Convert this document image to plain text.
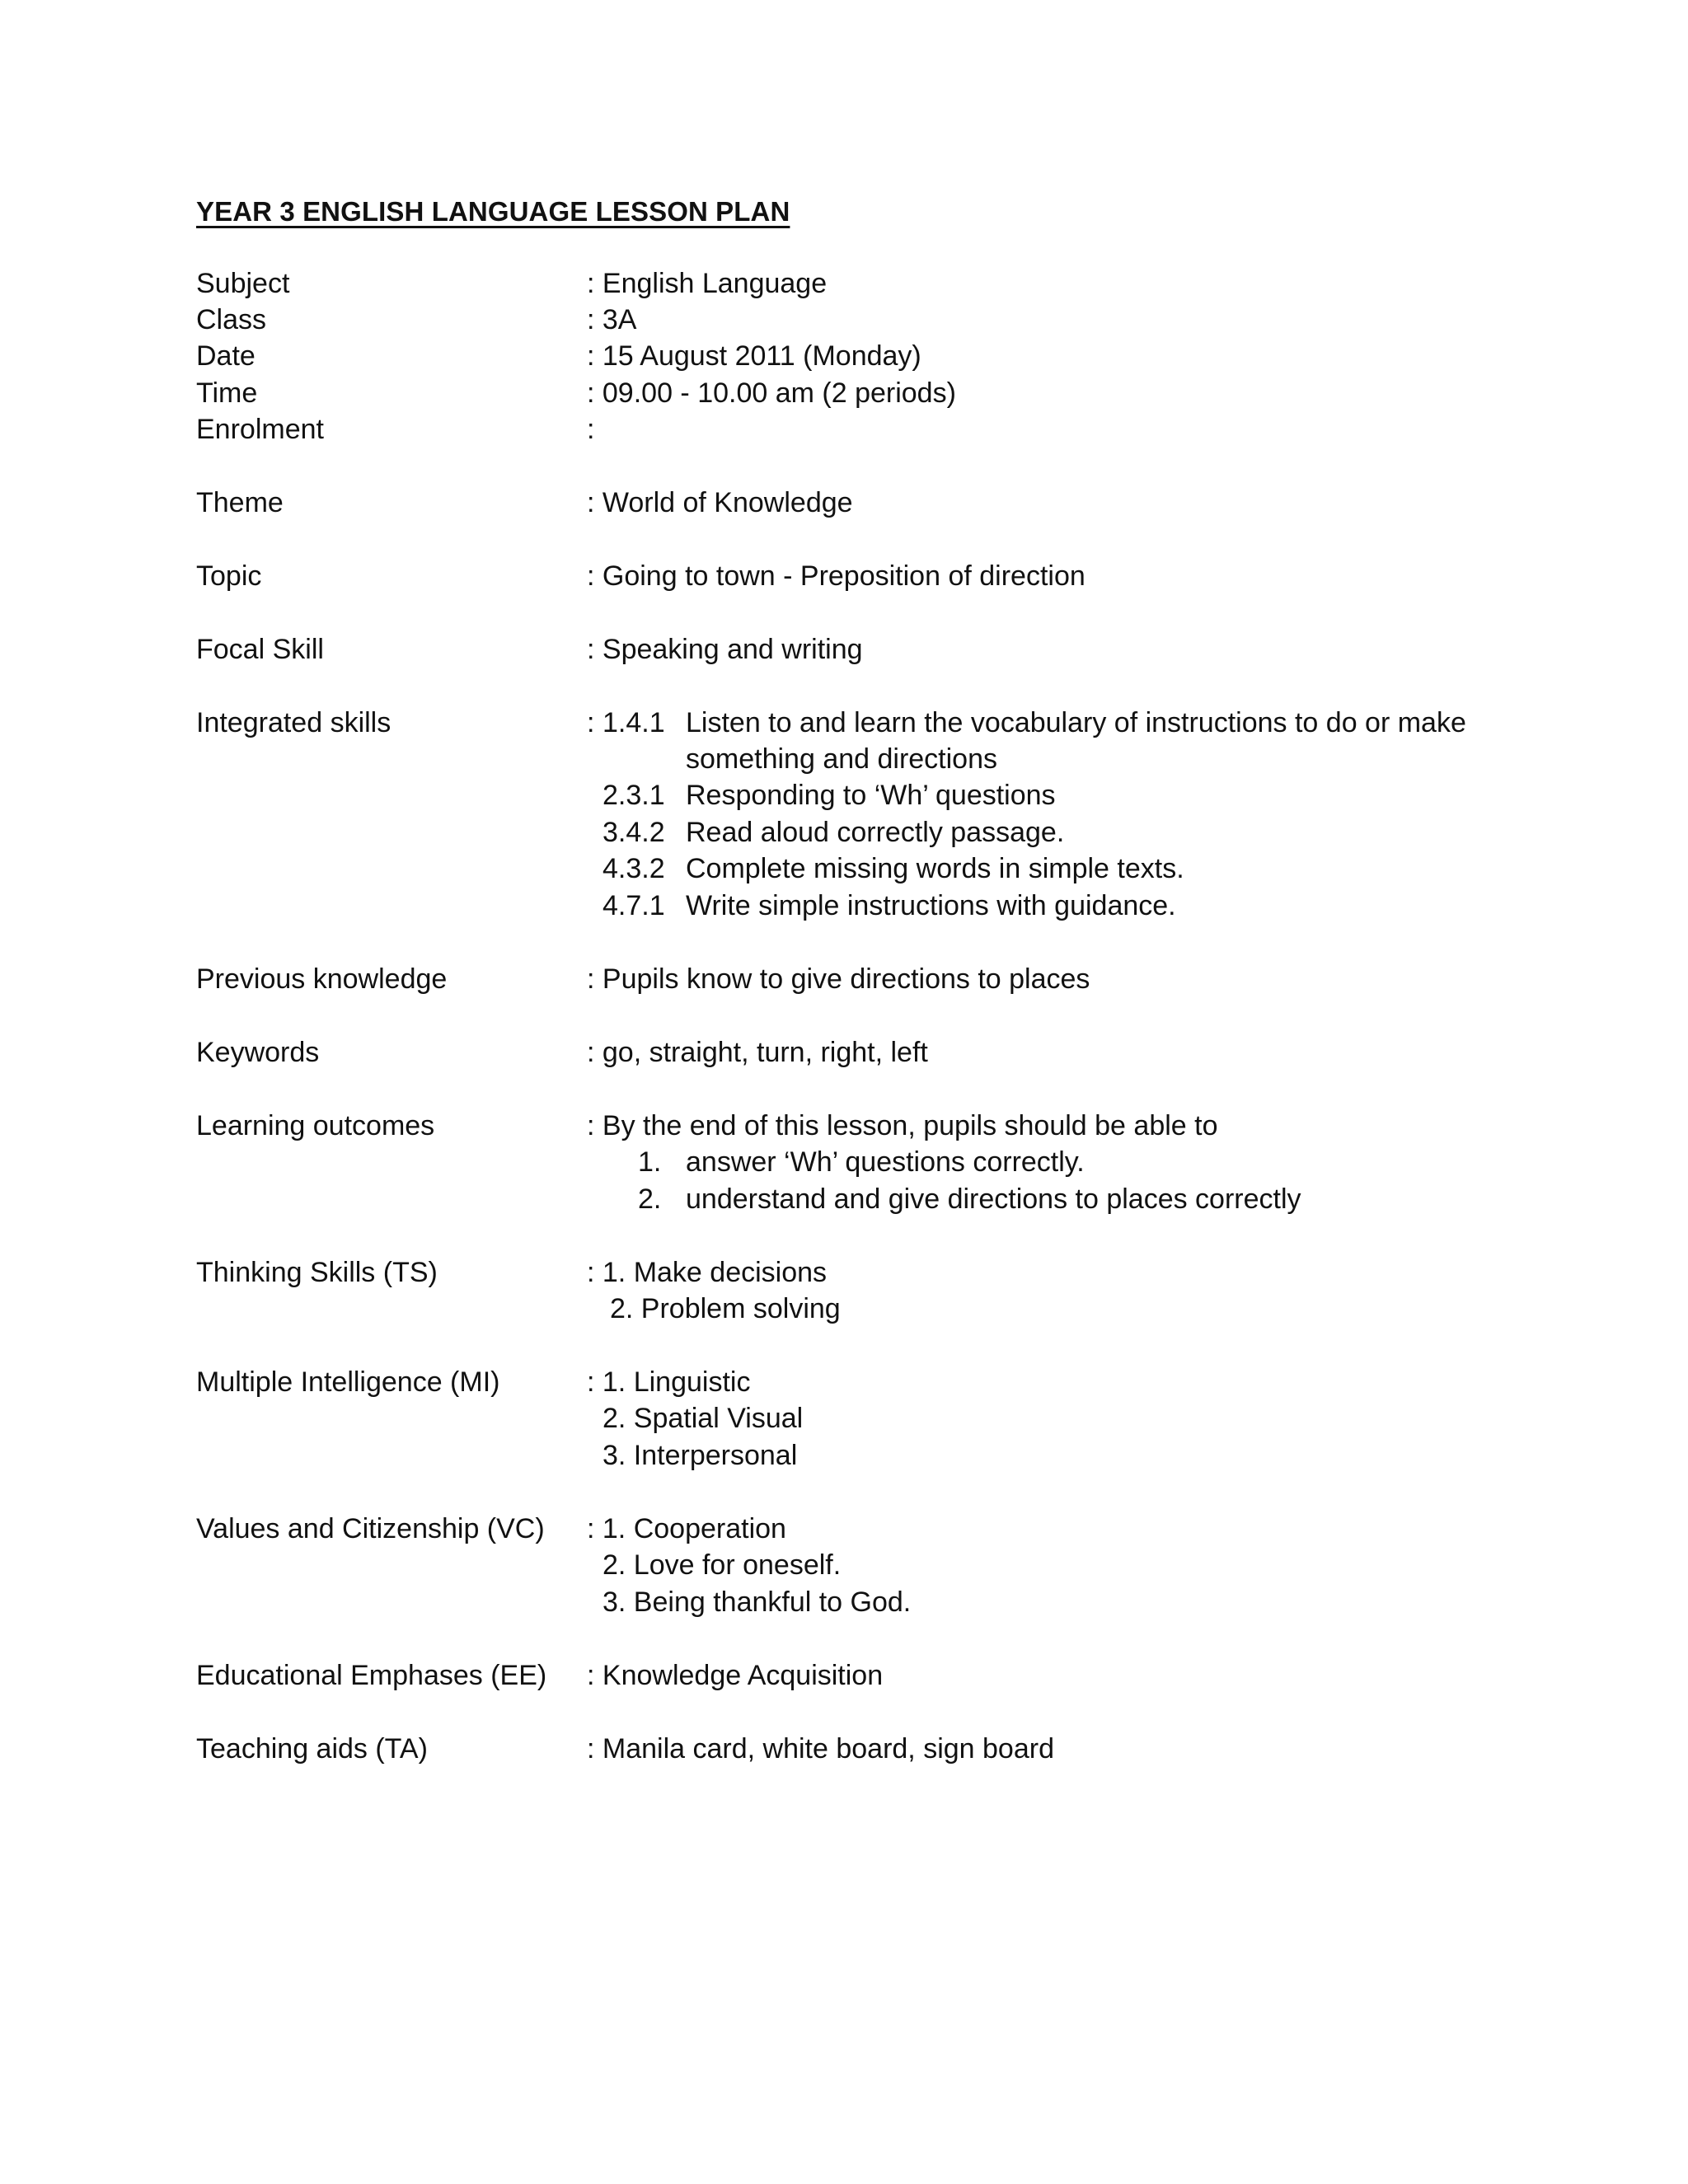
YEAR 3 ENGLISH LANGUAGE LESSON PLAN
Subject	: English Language
Class	: 3A
Date	: 15 August 2011 (Monday)
Time	: 09.00 - 10.00 am (2 periods)
Enrolment	:
Theme	: World of Knowledge
Topic	: Going to town - Preposition of direction
Focal Skill	: Speaking and writing
Integrated skills	: 1.4.1 Listen to and learn the vocabulary of instructions to do or make
something and directions
2.3.1 Responding to ‘Wh’ questions
3.4.2 Read aloud correctly passage.
4.3.2 Complete missing words in simple texts.
4.7.1 Write simple instructions with guidance.
Previous knowledge	: Pupils know to give directions to places
Keywords	: go, straight, turn, right, left
Learning outcomes	: By the end of this lesson, pupils should be able to
1. answer ‘Wh’ questions correctly.
2. understand and give directions to places correctly
Thinking Skills (TS)	: 1. Make decisions
2. Problem solving
Multiple Intelligence (MI)	: 1. Linguistic
2. Spatial Visual
3. Interpersonal
Values and Citizenship (VC) : 1. Cooperation
2. Love for oneself.
3. Being thankful to God.
Educational Emphases (EE) : Knowledge Acquisition
Teaching aids (TA)	: Manila card, white board, sign board
